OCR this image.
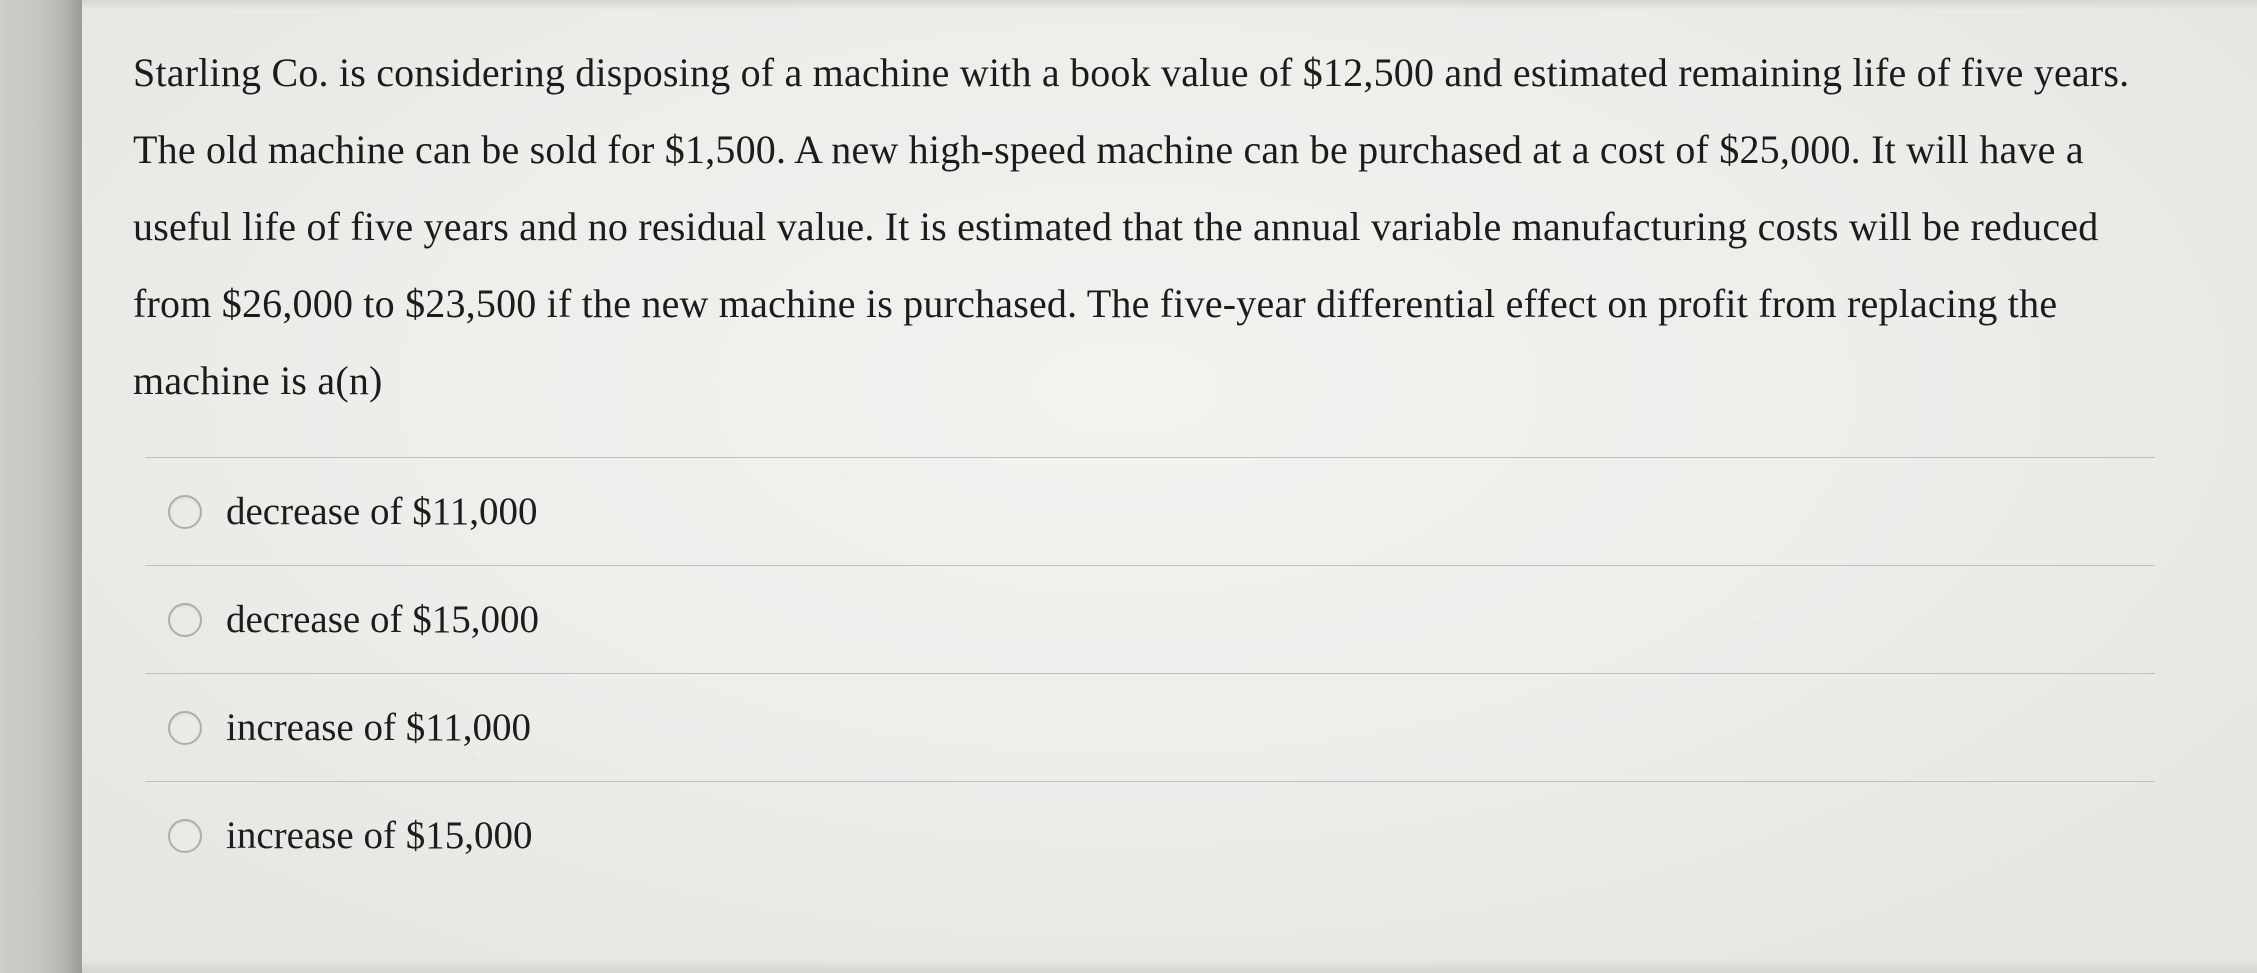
Starling Co. is considering disposing of a machine with a book value of $12,500 and estimated remaining life of five years. The old machine can be sold for $1,500. A new high-speed machine can be purchased at a cost of $25,000. It will have a useful life of five years and no residual value. It is estimated that the annual variable manufacturing costs will be reduced from $26,000 to $23,500 if the new machine is purchased. The five-year differential effect on profit from replacing the machine is a(n)
decrease of $11,000
decrease of $15,000
increase of $11,000
increase of $15,000
